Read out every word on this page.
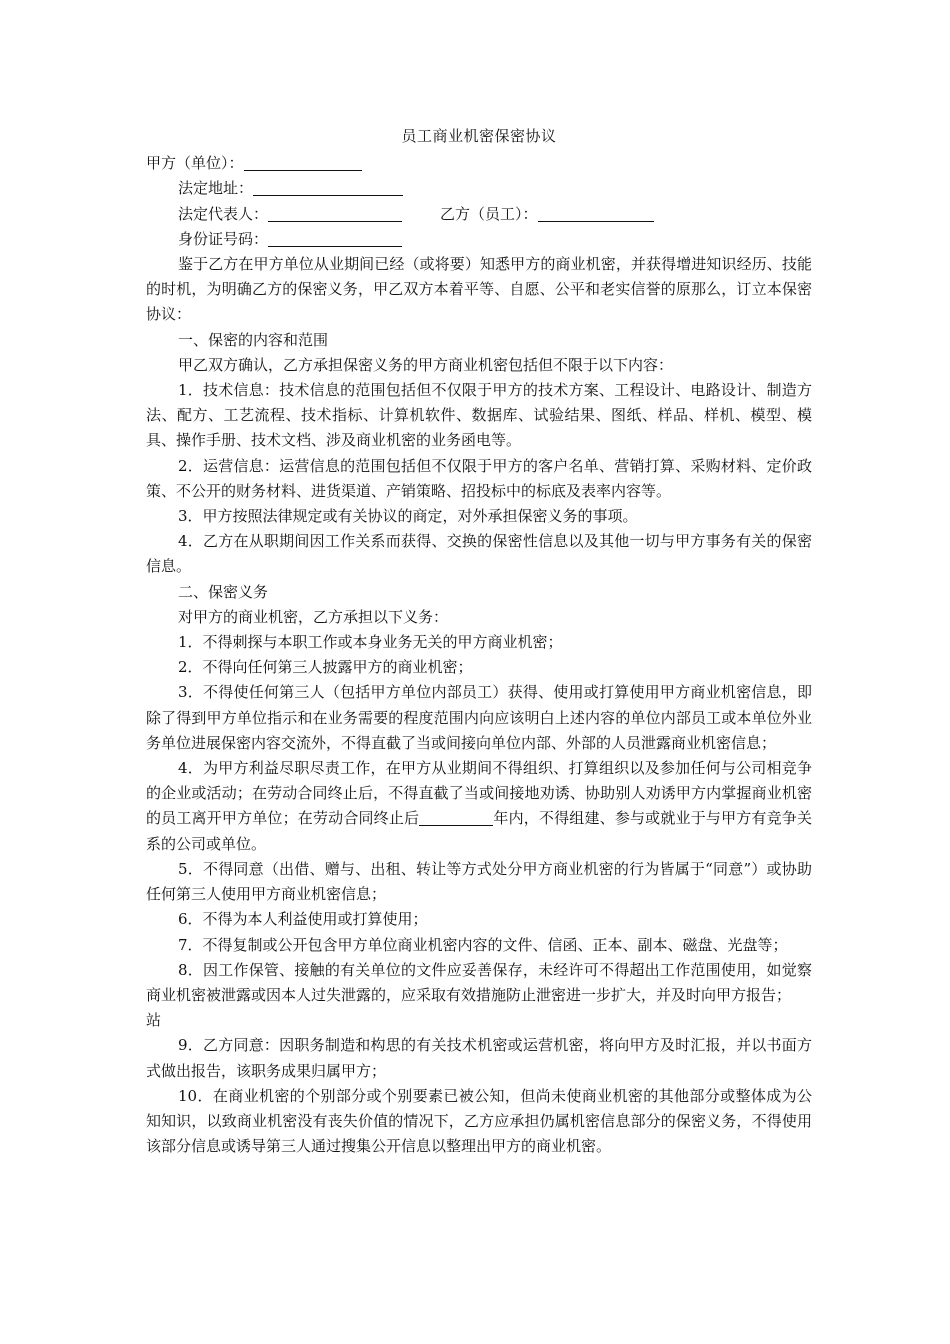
员工商业机密保密协议

甲方（单位）：

法定地址：

法定代表人：	乙方（员工）：

身份证号码：

鉴于乙方在甲方单位从业期间已经（或将要）知悉甲方的商业机密，并获得增进知识经历、技能的时机，为明确乙方的保密义务，甲乙双方本着平等、自愿、公平和老实信誉的原那么，订立本保密协议：

一、保密的内容和范围

甲乙双方确认，乙方承担保密义务的甲方商业机密包括但不限于以下内容：

1．技术信息：技术信息的范围包括但不仅限于甲方的技术方案、工程设计、电路设计、制造方法、配方、工艺流程、技术指标、计算机软件、数据库、试验结果、图纸、样品、样机、模型、模具、操作手册、技术文档、涉及商业机密的业务函电等。

2．运营信息：运营信息的范围包括但不仅限于甲方的客户名单、营销打算、采购材料、定价政策、不公开的财务材料、进货渠道、产销策略、招投标中的标底及表率内容等。

3．甲方按照法律规定或有关协议的商定，对外承担保密义务的事项。

4．乙方在从职期间因工作关系而获得、交换的保密性信息以及其他一切与甲方事务有关的保密信息。

二、保密义务

对甲方的商业机密，乙方承担以下义务：

1．不得刺探与本职工作或本身业务无关的甲方商业机密；

2．不得向任何第三人披露甲方的商业机密；

3．不得使任何第三人（包括甲方单位内部员工）获得、使用或打算使用甲方商业机密信息，即除了得到甲方单位指示和在业务需要的程度范围内向应该明白上述内容的单位内部员工或本单位外业务单位进展保密内容交流外，不得直截了当或间接向单位内部、外部的人员泄露商业机密信息；

4．为甲方利益尽职尽责工作，在甲方从业期间不得组织、打算组织以及参加任何与公司相竞争的企业或活动；在劳动合同终止后，不得直截了当或间接地劝诱、协助别人劝诱甲方内掌握商业机密的员工离开甲方单位；在劳动合同终止后	年内，不得组建、参与或就业于与甲方有竞争关系的公司或单位。

5．不得同意（出借、赠与、出租、转让等方式处分甲方商业机密的行为皆属于“同意”）或协助任何第三人使用甲方商业机密信息；

6．不得为本人利益使用或打算使用；

7．不得复制或公开包含甲方单位商业机密内容的文件、信函、正本、副本、磁盘、光盘等；

8．因工作保管、接触的有关单位的文件应妥善保存，未经许可不得超出工作范围使用，如觉察商业机密被泄露或因本人过失泄露的，应采取有效措施防止泄密进一步扩大，并及时向甲方报告；

站

9．乙方同意：因职务制造和构思的有关技术机密或运营机密，将向甲方及时汇报，并以书面方式做出报告，该职务成果归属甲方；

10．在商业机密的个别部分或个别要素已被公知，但尚未使商业机密的其他部分或整体成为公知知识，以致商业机密没有丧失价值的情况下，乙方应承担仍属机密信息部分的保密义务，不得使用该部分信息或诱导第三人通过搜集公开信息以整理出甲方的商业机密。
